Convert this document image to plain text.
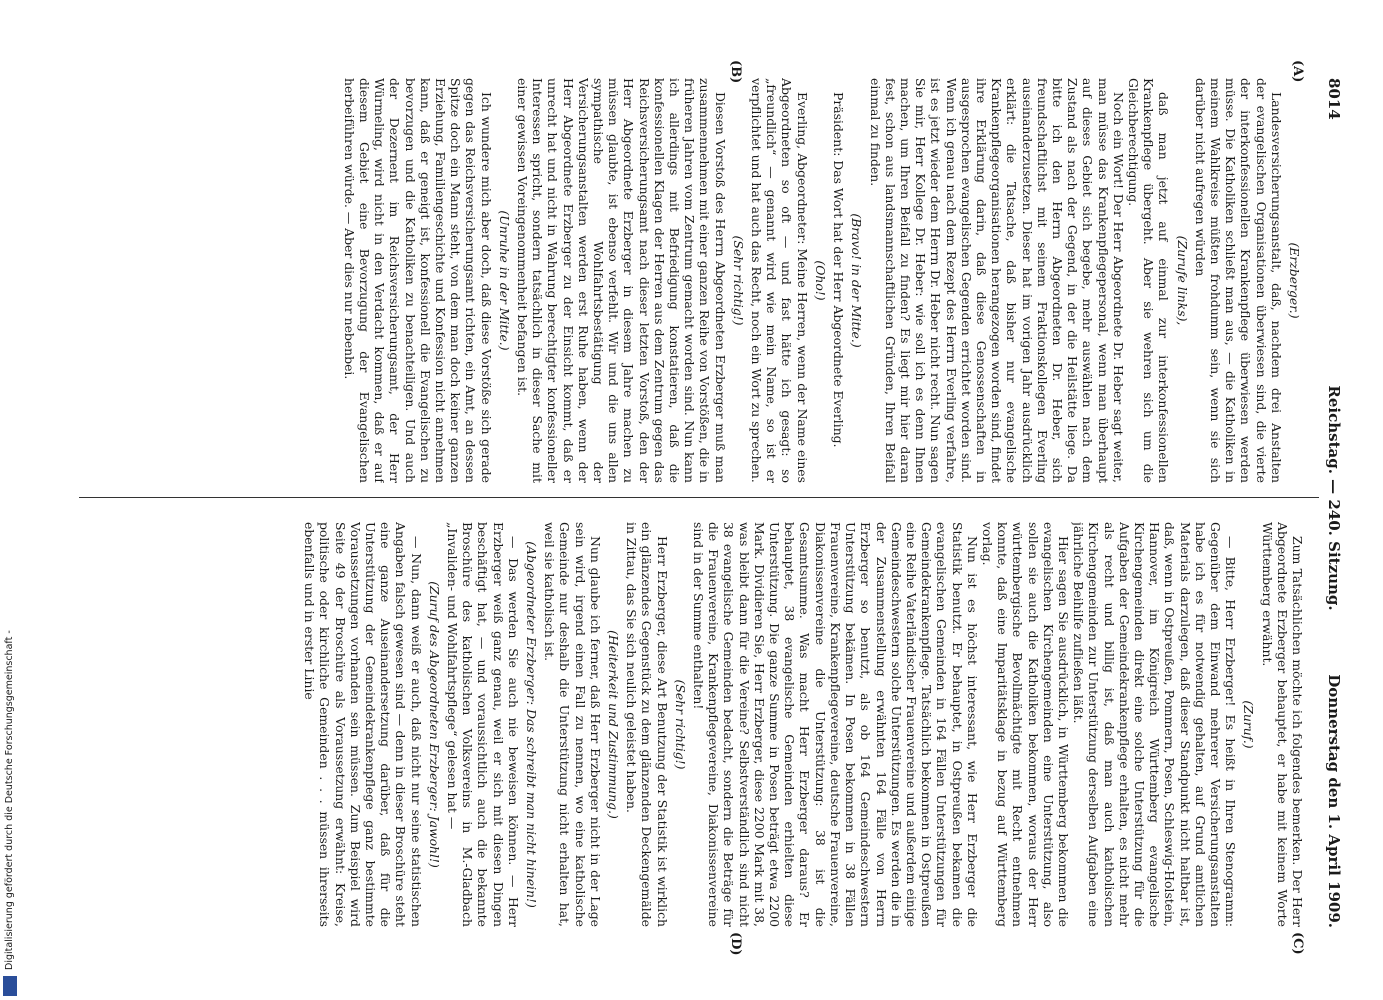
8014
Reichstag. — 240. Sitzung.
Donnerstag den 1. April 1909.
(A)
(B)
(C)
(D)

(Erzberger.)

Landesversicherungsanstalt, daß, nachdem drei Anstalten der evangelischen Organisationen überwiesen sind, die vierte der interkonfessionellen Krankenpflege überwiesen werden müsse. Die Katholiken schließt man aus, — die Katholiken in meinem Wahlkreise müßten frohdumm sein, wenn sie sich darüber nicht aufregen würden

(Zurufe links),

daß man jetzt auf einmal zur interkonfessionellen Krankenpflege übergeht. Aber sie wehren sich um die Gleichberechtigung.

Noch ein Wort! Der Herr Abgeordnete Dr. Heber sagt weiter, man müsse das Krankenpflegepersonal, wenn man überhaupt auf dieses Gebiet sich begebe, mehr auswählen nach dem Zustand als nach der Gegend, in der die Heilstätte liege. Da bitte ich den Herrn Abgeordneten Dr. Heber, sich freundschaftlichst mit seinem Fraktionskollegen Everling auseinanderzusetzen. Dieser hat im vorigen Jahr ausdrücklich erklärt: die Tatsache, daß bisher nur evangelische Krankenpflegeorganisationen herangezogen worden sind, findet ihre Erklärung darin, daß diese Genossenschaften in ausgesprochen evangelischen Gegenden errichtet worden sind. Wenn ich genau nach dem Rezept des Herrn Everling verfahre, ist es jetzt wieder dem Herrn Dr. Heber nicht recht. Nun sagen Sie mir, Herr Kollege Dr. Heber: wie soll ich es denn Ihnen machen, um Ihren Beifall zu finden? Es liegt mir hier daran fest, schon aus landsmannschaftlichen Gründen, Ihren Beifall einmal zu finden.

(Bravo! in der Mitte.)

Präsident: Das Wort hat der Herr Abgeordnete Everling.

(Oho!)

Everling, Abgeordneter: Meine Herren, wenn der Name eines Abgeordneten so oft — und fast hätte ich gesagt: so „freundlich“ — genannt wird wie mein Name, so ist er verpflichtet und hat auch das Recht, noch ein Wort zu sprechen.

(Sehr richtig!)

Diesen Vorstoß des Herrn Abgeordneten Erzberger muß man zusammennehmen mit einer ganzen Reihe von Vorstößen, die in früheren Jahren vom Zentrum gemacht worden sind. Nun kann ich allerdings mit Befriedigung konstatieren, daß die konfessionellen Klagen der Herren aus dem Zentrum gegen das Reichsversicherungsamt nach dieser letzten Vorstoß, den der Herr Abgeordnete Erzberger in diesem Jahre machen zu müssen glaubte, ist ebenso verfehlt. Wir und die uns allen sympathische Wohlfahrtsbestätigung der Versicherungsanstalten werden erst Ruhe haben, wenn der Herr Abgeordnete Erzberger zu der Einsicht kommt, daß er unrecht hat und nicht in Wahrung berechtigter konfessioneller Interessen spricht, sondern tatsächlich in dieser Sache mit einer gewissen Voreingenommenheit befangen ist.

(Unruhe in der Mitte.)

Ich wundere mich aber doch, daß diese Vorstöße sich gerade gegen das Reichsversicherungsamt richten, ein Amt, an dessen Spitze doch ein Mann steht, von dem man doch keiner ganzen Erziehung, Familiengeschichte und Konfession nicht annehmen kann, daß er geneigt ist, konfessionell die Evangelischen zu bevorzugen und die Katholiken zu benachteiligen. Und auch der Dezernent im Reichsversicherungsamt, der Herr Würmeling, wird nicht in den Verdacht kommen, daß er auf diesem Gebiet eine Bevorzugung der Evangelischen herbeiführen würde. — Aber dies nur nebenbei.

Zum Tatsächlichen möchte ich folgendes bemerken. Der Herr Abgeordnete Erzberger behauptet, er habe mit keinem Worte Württemberg erwähnt.

(Zuruf.)

— Bitte, Herr Erzberger! Es heißt in Ihren Stenogramm: Gegenüber dem Einwand mehrerer Versicherungsanstalten habe ich es für notwendig gehalten, auf Grund amtlichen Materials darzulegen, daß dieser Standpunkt nicht haltbar ist, daß, wenn in Ostpreußen, Pommern, Posen, Schleswig-Holstein, Hannover, im Königreich Württemberg evangelische Kirchengemeinden direkt eine solche Unterstützung für die Aufgaben der Gemeindekrankenpflege erhalten, es nicht mehr als recht und billig ist, daß man auch katholischen Kirchengemeinden zur Unterstützung derselben Aufgaben eine jährliche Beihilfe zufließen läßt.

Hier sagen Sie ausdrücklich, in Württemberg bekommen die evangelischen Kirchengemeinden eine Unterstützung, also sollen sie auch die Katholiken bekommen, woraus der Herr württembergische Bevollmächtigte mit Recht entnehmen konnte, daß eine Imparitätsklage in bezug auf Württemberg vorlag.

Nun ist es höchst interessant, wie Herr Erzberger die Statistik benutzt. Er behauptet, in Ostpreußen bekamen die evangelischen Gemeinden in 164 Fällen Unterstützungen für Gemeindekrankenpflege. Tatsächlich bekommen in Ostpreußen eine Reihe Vaterländischer Frauenvereine und außerdem einige Gemeindeschwestern solche Unterstützungen. Es werden die in der Zusammenstellung erwähnten 164 Fälle von Herrn Erzberger so benutzt, als ob 164 Gemeindeschwestern Unterstützung bekämen. In Posen bekommen in 38 Fällen Frauenvereine, Krankenpflegevereine, deutsche Frauenvereine, Diakonissenvereine die Unterstützung: 38 ist die Gesamtsumme. Was macht Herr Erzberger daraus? Er behauptet, 38 evangelische Gemeinden erhielten diese Unterstützung. Die ganze Summe in Posen beträgt etwa 2200 Mark. Dividieren Sie, Herr Erzberger, diese 2200 Mark mit 38, was bleibt dann für die Vereine? Selbstverständlich sind nicht 38 evangelische Gemeinden bedacht, sondern die Beträge für die Frauenvereine, Krankenpflegevereine, Diakonissenvereine sind in der Summe enthalten!

(Sehr richtig!)

Herr Erzberger, diese Art Benutzung der Statistik ist wirklich ein glänzendes Gegenstück zu dem glänzenden Deckengemälde in Zittau, das Sie sich neulich geleistet haben.

(Heiterkeit und Zustimmung.)

Nun glaube ich ferner, daß Herr Erzberger nicht in der Lage sein wird, irgend einen Fall zu nennen, wo eine katholische Gemeinde nur deshalb die Unterstützung nicht erhalten hat, weil sie katholisch ist.

(Abgeordneter Erzberger: Das schreibt man nicht hinein!)

— Das werden Sie auch nie beweisen können. — Herr Erzberger weiß ganz genau, weil er sich mit diesen Dingen beschäftigt hat, — und voraussichtlich auch die bekannte Broschüre des katholischen Volksvereins in M.-Gladbach „Invaliden- und Wohlfahrtspflege“ gelesen hat —

(Zuruf des Abgeordneten Erzberger: Jawohl!)

— Nun, dann weiß er auch, daß nicht nur seine statistischen Angaben falsch gewesen sind — denn in dieser Broschüre steht eine ganze Auseinandersetzung darüber, daß für die Unterstützung der Gemeindekrankenpflege ganz bestimmte Voraussetzungen vorhanden sein müssen. Zum Beispiel wird Seite 49 der Broschüre als Voraussetzung erwähnt: Kreise, politische oder kirchliche Gemeinden . . . müssen ihrerseits ebenfalls und in erster Linie

Digitalisierung gefördert durch die Deutsche Forschungsgemeinschaft -
